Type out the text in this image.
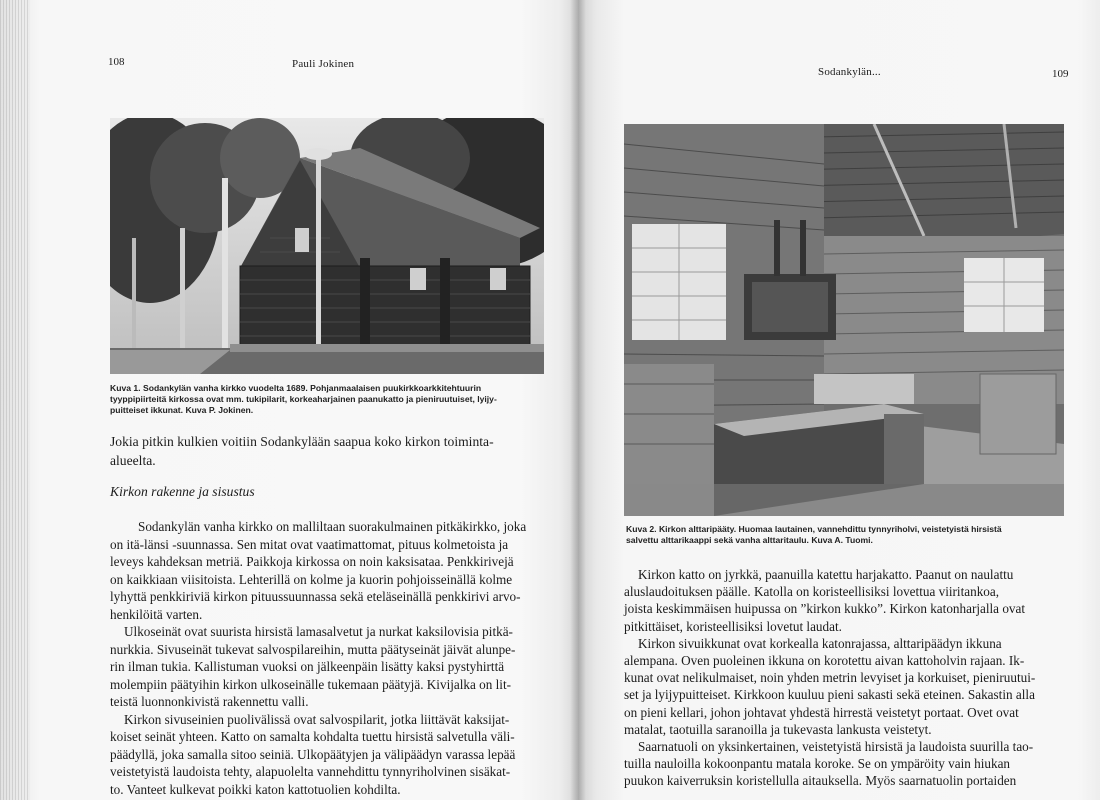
108	Pauli Jokinen

Kuva 1. Sodankylän vanha kirkko vuodelta 1689. Pohjanmaalaisen puukirkkoarkkitehtuurin

tyyppipiirteitä kirkossa ovat mm. tukipilarit, korkeaharjainen paanukatto ja pieniruutuiset, lyijy-

puitteiset ikkunat. Kuva P. Jokinen.

Jokia pitkin kulkien voitiin Sodankylään saapua koko kirkon toiminta-
alueelta.
Kirkon rakenne ja sisustus

Sodankylän vanha kirkko on malliltaan suorakulmainen pitkäkirkko, joka
on itä-länsi -suunnassa. Sen mitat ovat vaatimattomat, pituus kolmetoista ja
leveys kahdeksan metriä. Paikkoja kirkossa on noin kaksisataa. Penkkirivejä
on kaikkiaan viisitoista. Lehterillä on kolme ja kuorin pohjoisseinällä kolme
lyhyttä penkkiriviä kirkon pituussuunnassa sekä eteläseinällä penkkirivi arvo-
henkilöitä varten.

Ulkoseinät ovat suurista hirsistä lamasalvetut ja nurkat kaksilovisia pitkä-
nurkkia. Sivuseinät tukevat salvospilareihin, mutta päätyseinät jäivät alunpe-
rin ilman tukia. Kallistuman vuoksi on jälkeenpäin lisätty kaksi pystyhirttä
molempiin päätyihin kirkon ulkoseinälle tukemaan päätyjä. Kivijalka on lit-
teistä luonnonkivistä rakennettu valli.

Kirkon sivuseinien puolivälissä ovat salvospilarit, jotka liittävät kaksijat-
koiset seinät yhteen. Katto on samalta kohdalta tuettu hirsistä salvetulla väli-
päädyllä, joka samalla sitoo seiniä. Ulkopäätyjen ja välipäädyn varassa lepää
veistetyistä laudoista tehty, alapuolelta vannehdittu tynnyriholvinen sisäkat-
to. Vanteet kulkevat poikki katon kattotuolien kohdilta.

Sodankylän...	109

Kuva 2. Kirkon alttaripääty. Huomaa lautainen, vannehdittu tynnyriholvi, veistetyistä hirsistä

salvettu alttarikaappi sekä vanha alttaritaulu. Kuva A. Tuomi.

Kirkon katto on jyrkkä, paanuilla katettu harjakatto. Paanut on naulattu
aluslaudoituksen päälle. Katolla on koristeellisiksi lovettua viiritankoa,
joista keskimmäisen huipussa on ”kirkon kukko”. Kirkon katonharjalla ovat
pitkittäiset, koristeellisiksi lovetut laudat.

Kirkon sivuikkunat ovat korkealla katonrajassa, alttaripäädyn ikkuna
alempana. Oven puoleinen ikkuna on korotettu aivan kattoholvin rajaan. Ik-
kunat ovat nelikulmaiset, noin yhden metrin levyiset ja korkuiset, pieniruutui-
set ja lyijypuitteiset. Kirkkoon kuuluu pieni sakasti sekä eteinen. Sakastin alla
on pieni kellari, johon johtavat yhdestä hirrestä veistetyt portaat. Ovet ovat
matalat, taotuilla saranoilla ja tukevasta lankusta veistetyt.

Saarnatuoli on yksinkertainen, veistetyistä hirsistä ja laudoista suurilla tao-
tuilla nauloilla kokoonpantu matala koroke. Se on ympäröity vain hiukan
puukon kaiverruksin koristellulla aitauksella. Myös saarnatuolin portaiden
